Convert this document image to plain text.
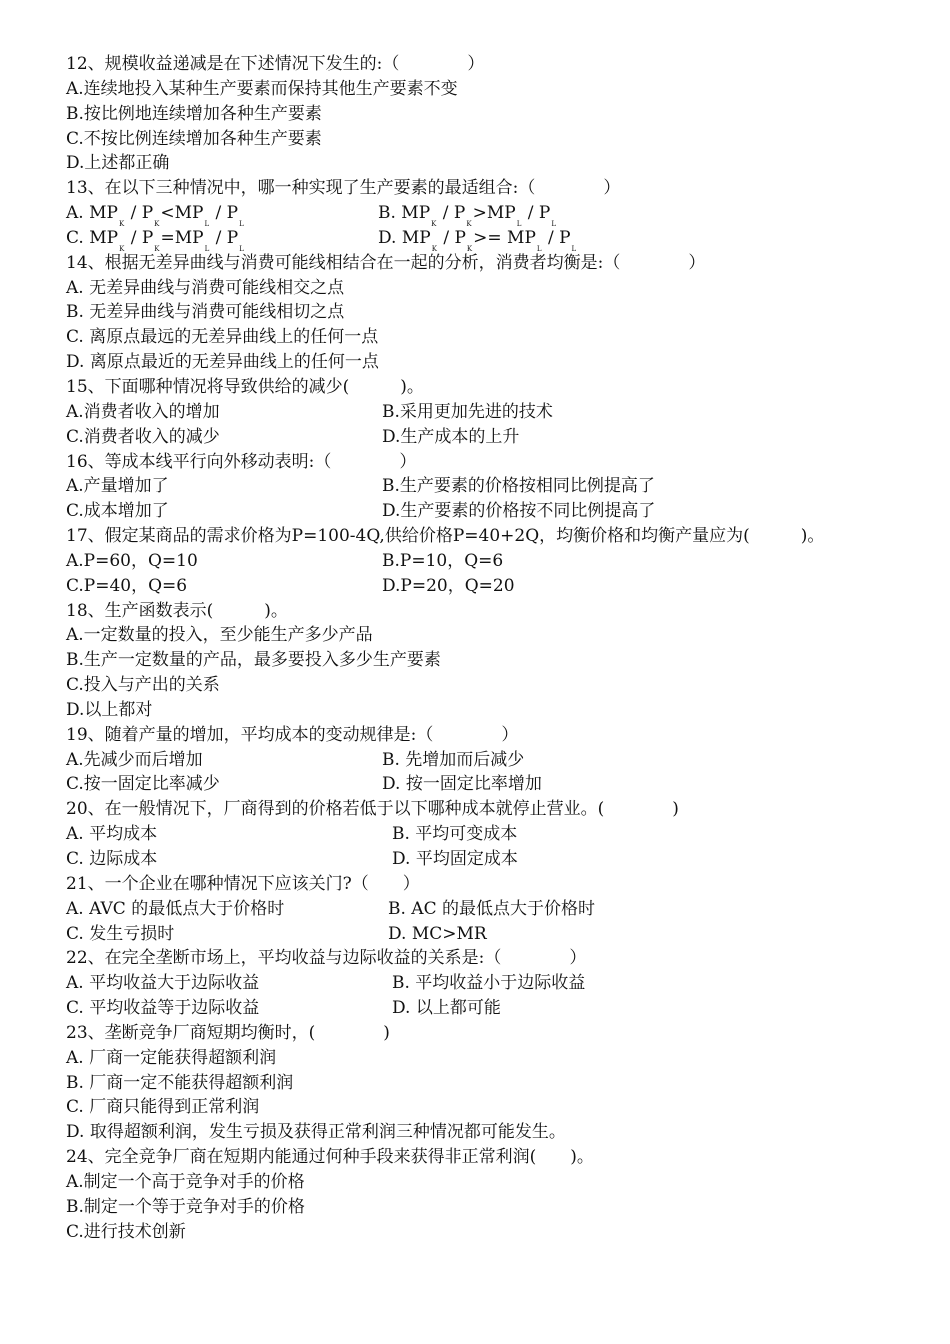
12、规模收益递减是在下述情况下发生的:（　　　　）
A.连续地投入某种生产要素而保持其他生产要素不变
B.按比例地连续增加各种生产要素
C.不按比例连续增加各种生产要素
D.上述都正确
13、在以下三种情况中，哪一种实现了生产要素的最适组合:（　　　　）
A. $MP_K / P_K<MP_L / P_L$
B. $MP_K / P_K>MP_L / P_L$
C. $MP_K / P_K=MP_L / P_L$
D. $MP_K / P_K>= MP_L / P_L$
14、根据无差异曲线与消费可能线相结合在一起的分析，消费者均衡是:（　　　　）
A. 无差异曲线与消费可能线相交之点
B. 无差异曲线与消费可能线相切之点
C. 离原点最远的无差异曲线上的任何一点
D. 离原点最近的无差异曲线上的任何一点
15、下面哪种情况将导致供给的减少(　　　)。
A.消费者收入的增加	B.采用更加先进的技术
C.消费者收入的减少	D.生产成本的上升
16、等成本线平行向外移动表明:（　　　　）
A.产量增加了	B.生产要素的价格按相同比例提高了
C.成本增加了	D.生产要素的价格按不同比例提高了
17、假定某商品的需求价格为P=100-4Q,供给价格P=40+2Q，均衡价格和均衡产量应为(　　　)。
A.P=60，Q=10	B.P=10，Q=6
C.P=40，Q=6	D.P=20，Q=20
18、生产函数表示(　　　)。
A.一定数量的投入，至少能生产多少产品
B.生产一定数量的产品，最多要投入多少生产要素
C.投入与产出的关系
D.以上都对
19、随着产量的增加，平均成本的变动规律是:（　　　　）
A.先减少而后增加	B. 先增加而后减少
C.按一固定比率减少	D. 按一固定比率增加
20、在一般情况下，厂商得到的价格若低于以下哪种成本就停止营业。(　　　　)
A. 平均成本	B. 平均可变成本
C. 边际成本	D. 平均固定成本
21、一个企业在哪种情况下应该关门?（　　）
A. AVC 的最低点大于价格时	B. AC 的最低点大于价格时
C. 发生亏损时	D. MC>MR
22、在完全垄断市场上，平均收益与边际收益的关系是:（　　　　）
A. 平均收益大于边际收益	B. 平均收益小于边际收益
C. 平均收益等于边际收益	D. 以上都可能
23、垄断竞争厂商短期均衡时，(　　　　)
A. 厂商一定能获得超额利润
B. 厂商一定不能获得超额利润
C. 厂商只能得到正常利润
D. 取得超额利润，发生亏损及获得正常利润三种情况都可能发生。
24、完全竞争厂商在短期内能通过何种手段来获得非正常利润(　　)。
A.制定一个高于竞争对手的价格
B.制定一个等于竞争对手的价格
C.进行技术创新
